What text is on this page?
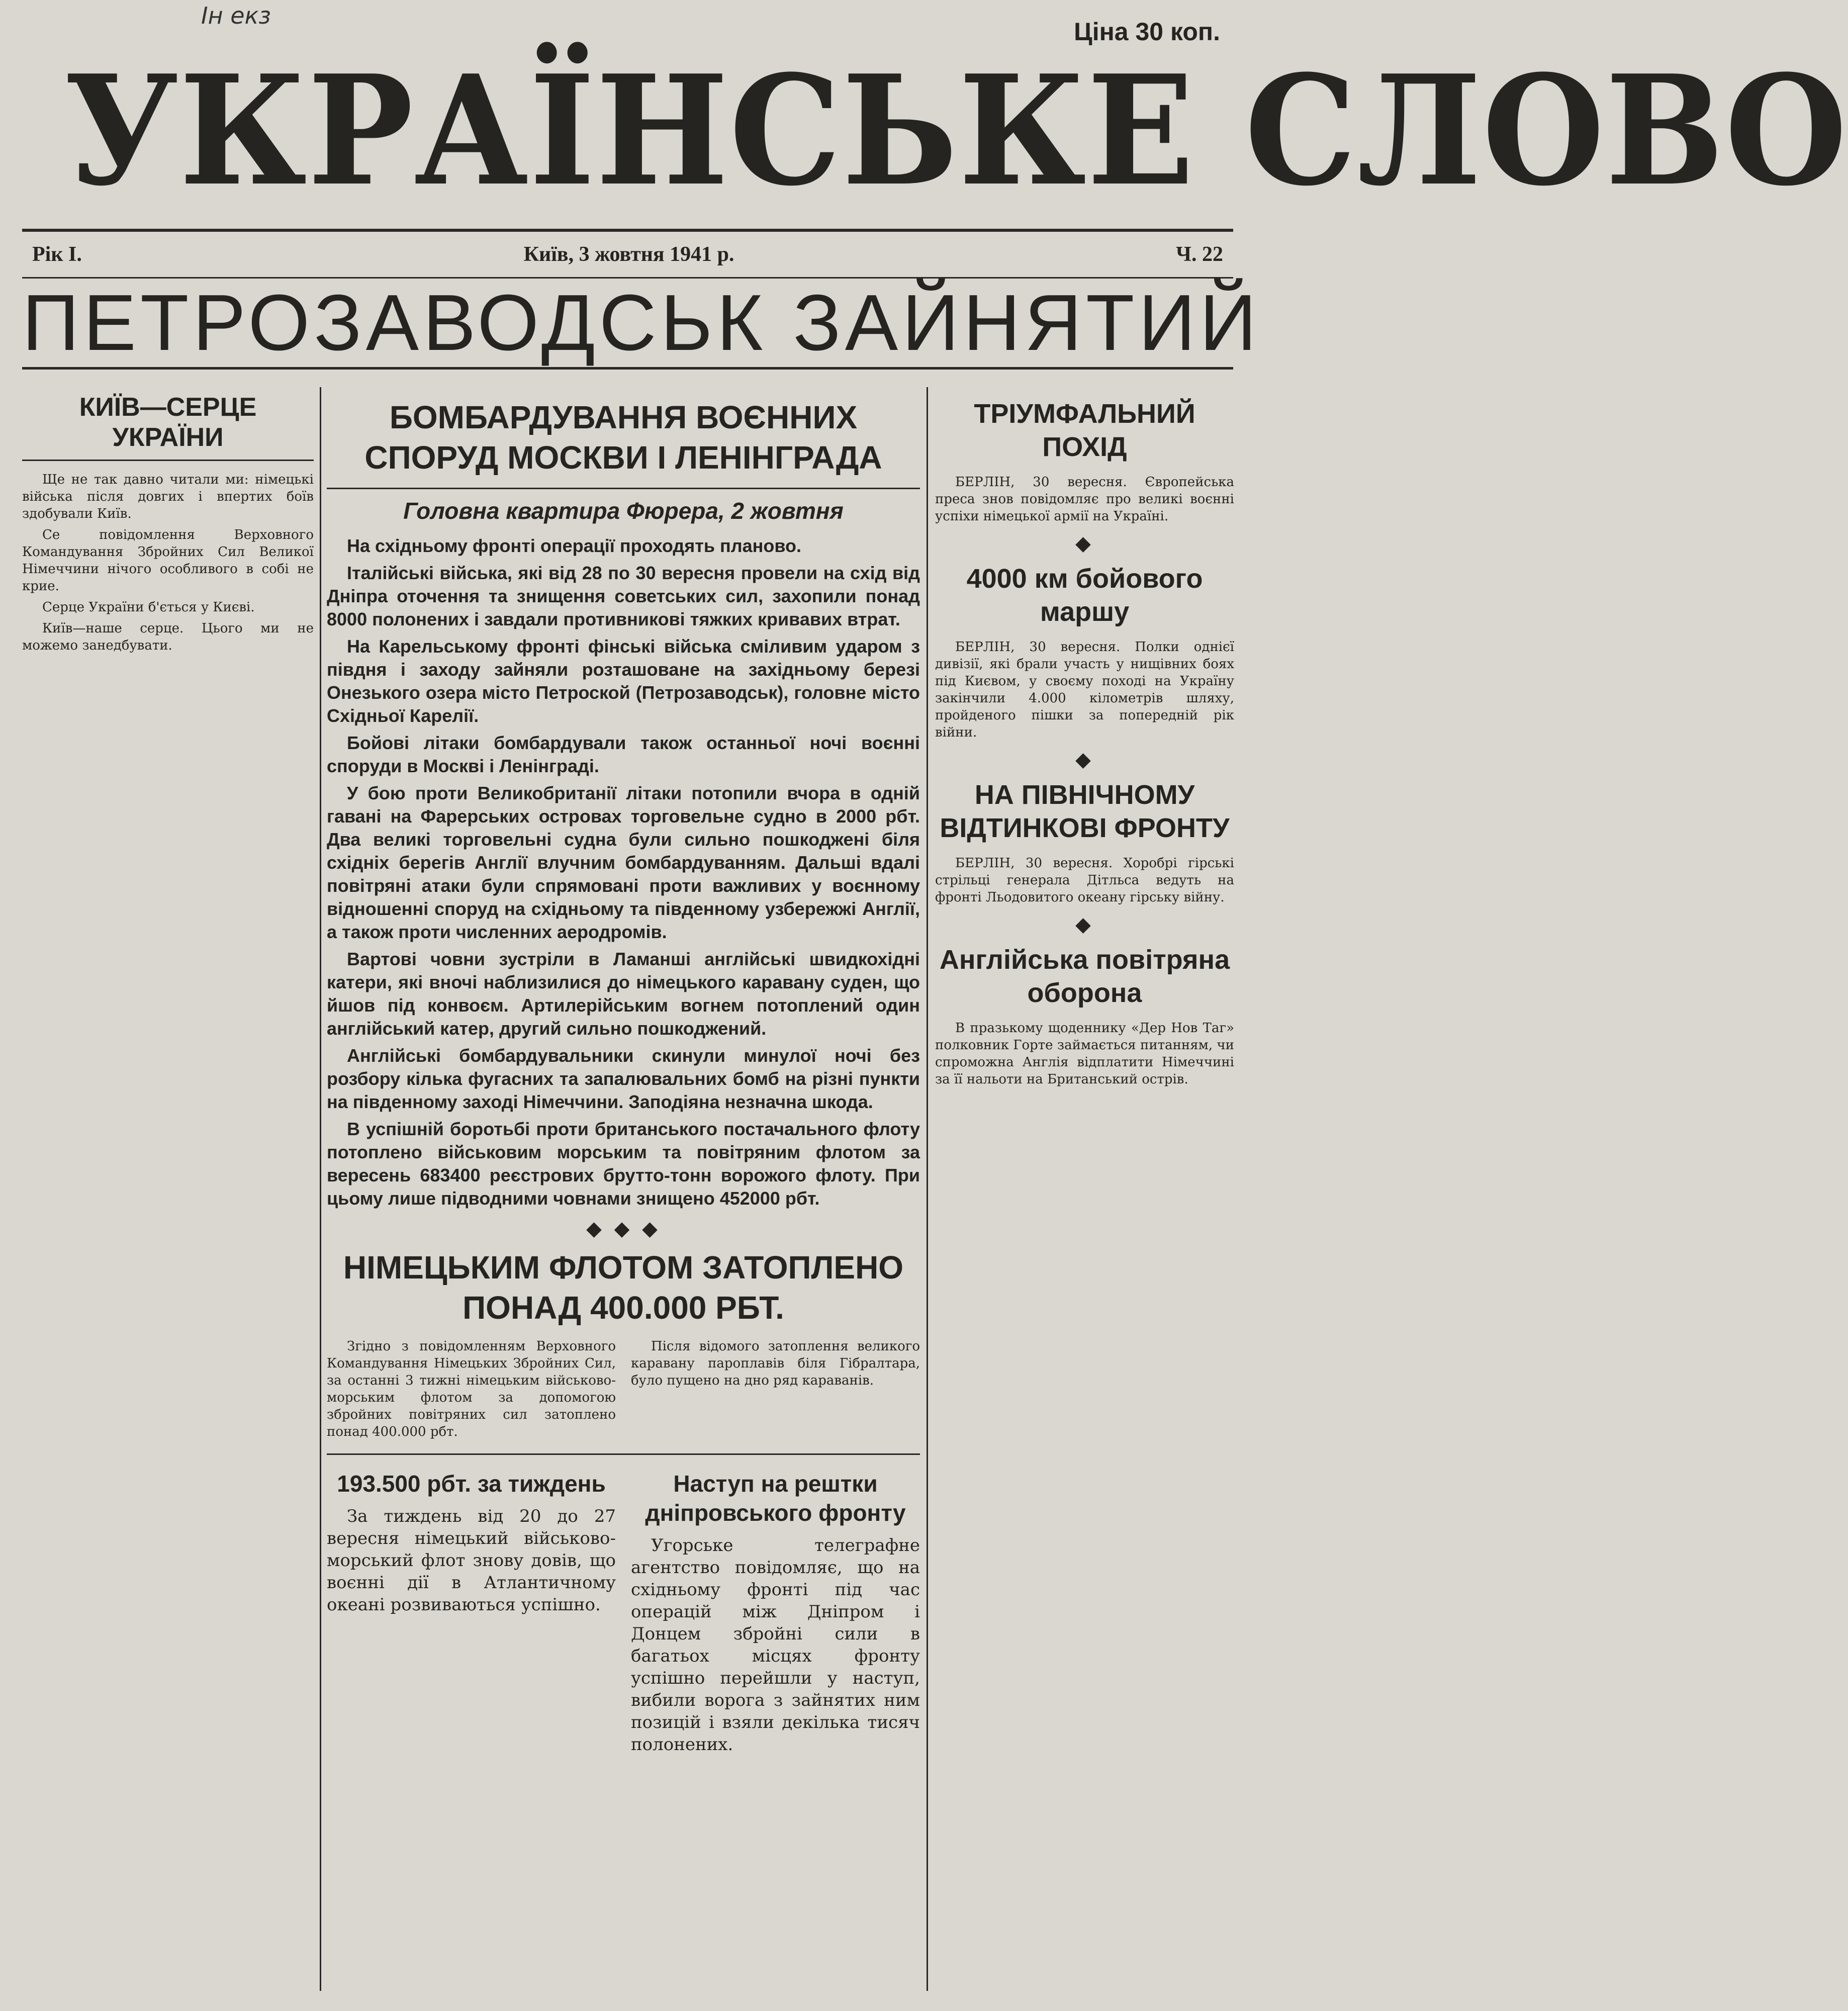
Ін екз
Ціна 30 коп.
УКРАЇНСЬКЕ СЛОВО
Рік I.	Київ, 3 жовтня 1941 р.	Ч. 22
ПЕТРОЗАВОДСЬК ЗАЙНЯТИЙ
КИЇВ—СЕРЦЕ УКРАЇНИ

Ще не так давно читали ми: німецькі війська після довгих і впертих боїв здобували Київ.

Се повідомлення Верховного Командування Збройних Сил Великої Німеччини нічого особливого в собі не крие.

Серце України б'ється у Києві.

Київ—наше серце. Цього ми не можемо занедбувати.

БОМБАРДУВАННЯ ВОЄННИХ СПОРУД МОСКВИ І ЛЕНІНГРАДА
Головна квартира Фюрера, 2 жовтня

На східньому фронті операції проходять планово.

Італійські війська, які від 28 по 30 вересня провели на схід від Дніпра оточення та знищення советських сил, захопили понад 8000 полонених і завдали противникові тяжких кривавих втрат.

На Карельському фронті фінські війська сміливим ударом з півдня і заходу зайняли розташоване на західньому березі Онезького озера місто Петроской (Петрозаводськ), головне місто Східньої Карелії.

Бойові літаки бомбардували також останньої ночі воєнні споруди в Москві і Ленінграді.

У бою проти Великобританії літаки потопили вчора в одній гавані на Фарерських островах торговельне судно в 2000 рбт. Два великі торговельні судна були сильно пошкоджені біля східніх берегів Англії влучним бомбардуванням. Дальші вдалі повітряні атаки були спрямовані проти важливих у воєнному відношенні споруд на східньому та південному узбережжі Англії, а також проти численних аеродромів.

Вартові човни зустріли в Ламанші англійські швидкохідні катери, які вночі наблизилися до німецького каравану суден, що йшов під конвоєм. Артилерійським вогнем потоплений один англійський катер, другий сильно пошкоджений.

Англійські бомбардувальники скинули минулої ночі без розбору кілька фугасних та запалювальних бомб на різні пункти на південному заході Німеччини. Заподіяна незначна шкода.

В успішній боротьбі проти британського постачального флоту потоплено військовим морським та повітряним флотом за вересень 683400 реєстрових брутто-тонн ворожого флоту. При цьому лише підводними човнами знищено 452000 рбт.

◆ ◆ ◆
НІМЕЦЬКИМ ФЛОТОМ ЗАТОПЛЕНО ПОНАД 400.000 РБТ.

Згідно з повідомленням Верховного Командування Німецьких Збройних Сил, за останні 3 тижні німецьким військово-морським флотом за допомогою збройних повітряних сил затоплено понад 400.000 рбт.

Після відомого затоплення великого каравану пароплавів біля Гібралтара, було пущено на дно ряд караванів.

193.500 рбт. за тиждень

За тиждень від 20 до 27 вересня німецький військово-морський флот знову довів, що воєнні дії в Атлантичному океані розвиваються успішно.

Наступ на рештки дніпровського фронту

Угорське телеграфне агентство повідомляє, що на східньому фронті під час операцій між Дніпром і Донцем збройні сили в багатьох місцях фронту успішно перейшли у наступ, вибили ворога з зайнятих ним позицій і взяли декілька тисяч полонених.

ТРІУМФАЛЬНИЙ ПОХІД

БЕРЛІН, 30 вересня. Європейська преса знов повідомляє про великі воєнні успіхи німецької армії на Україні.

◆
4000 км бойового маршу

БЕРЛІН, 30 вересня. Полки однієї дивізії, які брали участь у нищівних боях під Києвом, у своєму поході на Україну закінчили 4.000 кілометрів шляху, пройденого пішки за попередній рік війни.

◆
НА ПІВНІЧНОМУ ВІДТИНКОВІ ФРОНТУ

БЕРЛІН, 30 вересня. Хоробрі гірські стрільці генерала Дітльса ведуть на фронті Льодовитого океану гірську війну.

◆
Англійська повітряна оборона

В празькому щоденнику «Дер Нов Таг» полковник Горте займається питанням, чи спроможна Англія відплатити Німеччині за її нальоти на Британський острів.
